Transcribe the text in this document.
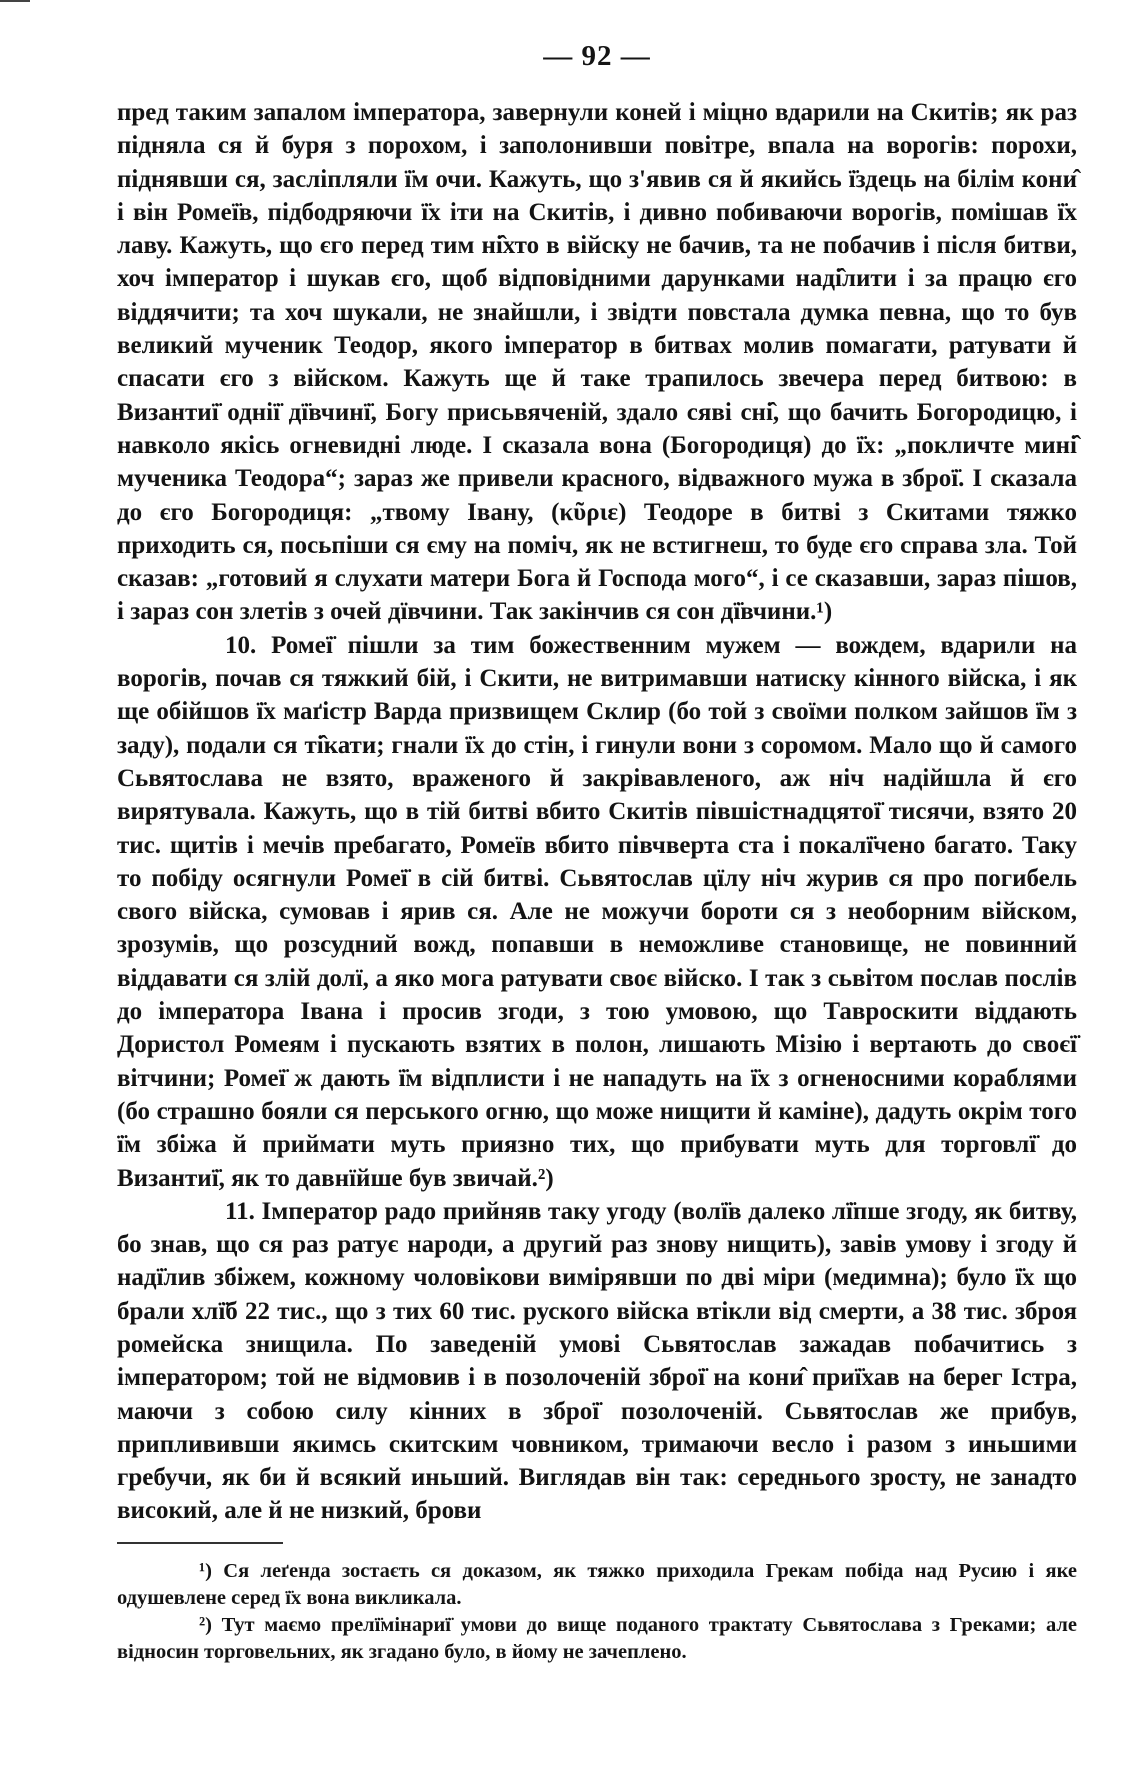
— 92 —

пред таким запалом імператора, завернули коней і міцно вдарили на Скитів; як раз підняла ся й буря з порохом, і заполонивши повітре, впала на ворогів: порохи, піднявши ся, засліпляли ї̈м очи. Кажуть, що з'явив ся й якийсь ї̈здець на білім кони̂ і він Ромеї̈в, підбодряючи ї̈х іти на Скитів, і дивно побиваючи ворогів, помішав ї̈х лаву. Кажуть, що єго перед тим ні̂хто в війску не бачив, та не побачив і після битви, хоч імператор і шукав єго, щоб відповідними дарунками наді̂лити і за працю єго віддячити; та хоч шукали, не знайшли, і звідти повстала думка певна, що то був великий мученик Теодор, якого імператор в битвах молив помагати, ратувати й спасати єго з війском. Кажуть ще й таке трапилось звечера перед битвою: в Византиї̈ однії̈ дї̈вчинї̈, Богу присьвяченій, здало сяві сні̂, що бачить Богородицю, і навколо якісь огневидні люде. І сказала вона (Богородиця) до ї̈х: „покличте мині̂ мученика Теодора“; зараз же привели красного, відважного мужа в зброї̈. І сказала до єго Богородиця: „твому Івану, (κῦριε) Теодоре в битві з Скитами тяжко приходить ся, посьпіши ся єму на поміч, як не встигнеш, то буде єго справа зла. Той сказав: „готовий я слухати матери Бога й Господа мого“, і се сказавши, зараз пішов, і зараз сон злетів з очей дївчини. Так закінчив ся сон дї̈вчини.¹)

10. Ромеї̈ пішли за тим божественним мужем — вождем, вдарили на ворогів, почав ся тяжкий бій, і Скити, не витримавши натиску кінного війска, і як ще обійшов ї̈х маґістр Варда призвищем Склир (бо той з своїми полком зайшов ї̈м з заду), подали ся ті̂кати; гнали ї̈х до стін, і гинули вони з соромом. Мало що й самого Сьвятослава не взято, враженого й закрівавленого, аж ніч надійшла й єго вирятувала. Кажуть, що в тій битві вбито Скитів півшістнадцятої̈ тисячи, взято 20 тис. щитів і мечів пребагато, Ромеїв вбито півчверта ста і покалї̈чено багато. Таку то побіду осягнули Ромеї̈ в сій битві. Сьвятослав цїлу ніч журив ся про погибель свого війска, сумовав і ярив ся. Але не можучи бороти ся з необорним війском, зрозумів, що розсудний вожд, попавши в неможливе становище, не повинний віддавати ся злій долї, а яко мога ратувати своє війско. І так з сьвітом послав послів до імператора Івана і просив згоди, з тою умовою, що Тавроскити віддають Дористол Ромеям і пускають взятих в полон, лишають Мізію і вертають до своєї̈ вітчини; Ромеї̈ ж дають ї̈м відплисти і не нападуть на ї̈х з огненосними кораблями (бо страшно бояли ся перського огню, що може нищити й каміне), дадуть окрім того ї̈м збіжа й приймати муть приязно тих, що прибувати муть для торговлї̈ до Византиї̈, як то давнїйше був звичай.²)

11. Імператор радо прийняв таку угоду (волї̈в далеко лї̈пше згоду, як битву, бо знав, що ся раз ратує народи, а другий раз знову нищить), завів умову і згоду й надї̈лив збіжем, кожному чоловікови вимірявши по дві міри (медимна); було ї̈х що брали хлї̈б 22 тис., що з тих 60 тис. руского війска втікли від смерти, а 38 тис. зброя ромейска знищила. По заведеній умові Сьвятослав зажадав побачитись з імператором; той не відмовив і в позолоченій зброї̈ на кони̂ приї̈хав на берег Істра, маючи з собою силу кінних в зброї̈ позолоченій. Сьвятослав же прибув, приплививши якимсь скитским човником, тримаючи весло і разом з иньшими гребучи, як би й всякий иньший. Виглядав він так: середнього зросту, не занадто високий, але й не низкий, брови

¹) Ся леґенда зостаєть ся доказом, як тяжко приходила Грекам побіда над Русию і яке одушевлене серед ї̈х вона викликала.

²) Тут маємо прелї̈мінариї̈ умови до вище поданого трактату Сьвятослава з Греками; але відносин торговельних, як згадано було, в йому не зачеплено.
